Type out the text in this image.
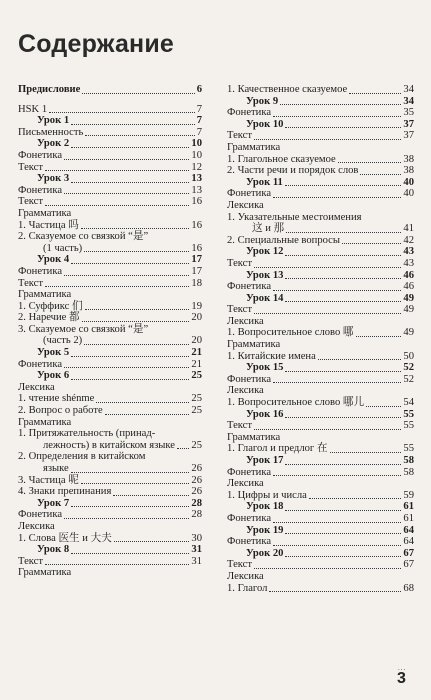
Содержание
Предисловие	6
HSK 1	7
Урок 1	7
Письменность	7
Урок 2	10
Фонетика	10
Текст	12
Урок 3	13
Фонетика	13
Текст	16
Грамматика
1. Частица 吗	16
2. Сказуемое со связкой “是”
(1 часть)	16
Урок 4	17
Фонетика	17
Текст	18
Грамматика
1. Суффикс 们	19
2. Наречие 都	20
3. Сказуемое со связкой “是”
(часть 2)	20
Урок 5	21
Фонетика	21
Урок 6	25
Лексика
1. чтение shénme	25
2. Вопрос о работе	25
Грамматика
1. Притяжательность (принад-
лежность) в китайском языке 25
2. Определения в китайском
языке	26
3. Частица 呢	26
4. Знаки препинания	26
Урок 7	28
Фонетика	28
Лексика
1. Слова 医生 и 大夫	30
Урок 8	31
Текст	31
Грамматика
1. Качественное сказуемое	34
Урок 9	34
Фонетика	35
Урок 10	37
Текст	37
Грамматика
1. Глагольное сказуемое	38
2. Части речи и порядок слов	38
Урок 11	40
Фонетика	40
Лексика
1. Указательные местоимения
这 и 那	41
2. Специальные вопросы	42
Урок 12	43
Текст	43
Урок 13	46
Фонетика	46
Урок 14	49
Текст	49
Лексика
1. Вопросительное слово 哪	49
Грамматика
1. Китайские имена	50
Урок 15	52
Фонетика	52
Лексика
1. Вопросительное слово 哪儿	54
Урок 16	55
Текст	55
Грамматика
1. Глагол и предлог 在	55
Урок 17	58
Фонетика	58
Лексика
1. Цифры и числа	59
Урок 18	61
Фонетика	61
Урок 19	64
Фонетика	64
Урок 20	67
Текст	67
Лексика
1. Глагол	68
...
3
